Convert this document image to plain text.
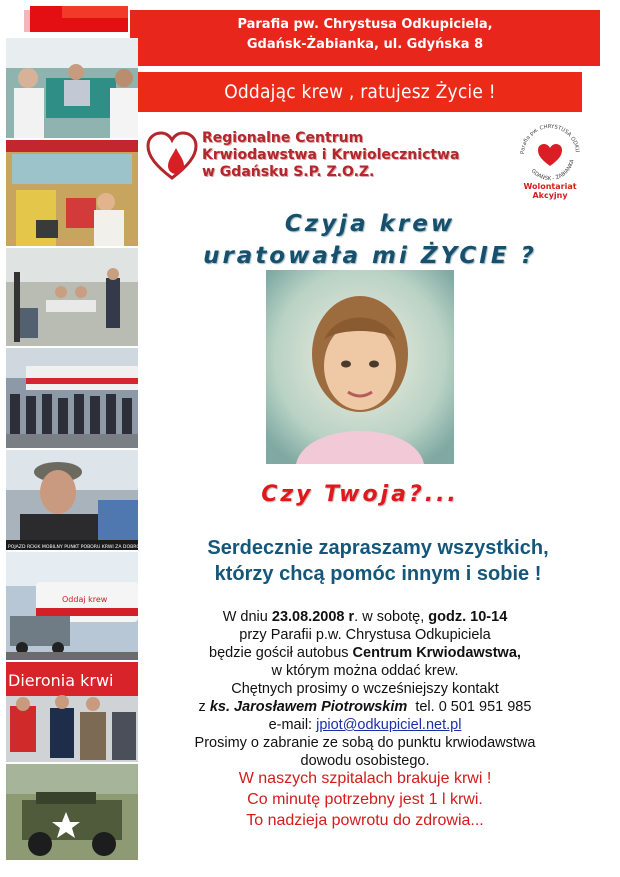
Parafia pw. Chrystusa Odkupiciela,
Gdańsk-Żabianka, ul. Gdyńska 8
Oddając krew , ratujesz Życie !
POJAZD RCKiK MOBILNY PUNKT POBORU KRWI ZA DOBROWOLNE ODDANIE KRWI
Oddaj krew
Dieronia krwi
Regionalne Centrum
Krwiodawstwa i Krwiolecznictwa
w Gdańsku S.P. Z.O.Z.
Parafia pw. CHRYSTUSA ODKU
GDAŃSK - ŻABIANKA
Wolontariat Akcyjny
Czyja krew
uratowała mi ŻYCIE ?
Czy Twoja?...
Serdecznie zapraszamy wszystkich,
którzy chcą pomóc innym i sobie !
W dniu 23.08.2008 r. w sobotę, godz. 10-14
przy Parafii p.w. Chrystusa Odkupiciela
będzie gościł autobus Centrum Krwiodawstwa,
w którym można oddać krew.
Chętnych prosimy o wcześniejszy kontakt
z ks. Jarosławem Piotrowskim  tel. 0 501 951 985
e-mail: jpiot@odkupiciel.net.pl
Prosimy o zabranie ze sobą do punktu krwiodawstwa
dowodu osobistego.
W naszych szpitalach brakuje krwi !
Co minutę potrzebny jest 1 l krwi.
To nadzieja powrotu do zdrowia...
